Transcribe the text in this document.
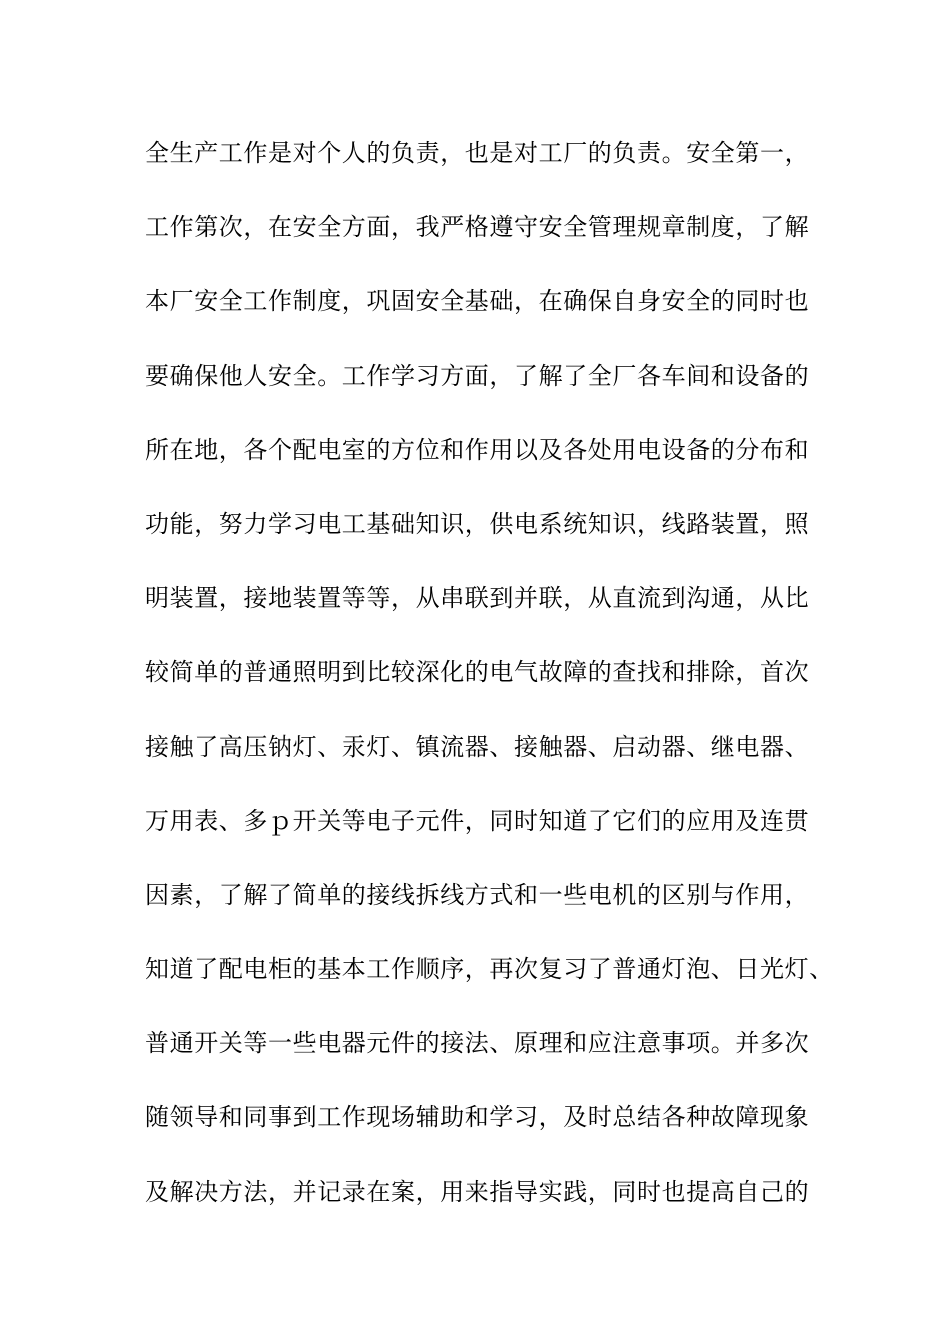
全生产工作是对个人的负责，也是对工厂的负责。安全第一，
工作第次，在安全方面，我严格遵守安全管理规章制度，了解
本厂安全工作制度，巩固安全基础，在确保自身安全的同时也
要确保他人安全。工作学习方面，了解了全厂各车间和设备的
所在地，各个配电室的方位和作用以及各处用电设备的分布和
功能，努力学习电工基础知识，供电系统知识，线路装置，照
明装置，接地装置等等，从串联到并联，从直流到沟通，从比
较简单的普通照明到比较深化的电气故障的查找和排除，首次
接触了高压钠灯、汞灯、镇流器、接触器、启动器、继电器、
万用表、多ｐ开关等电子元件，同时知道了它们的应用及连贯
因素，了解了简单的接线拆线方式和一些电机的区别与作用，
知道了配电柜的基本工作顺序，再次复习了普通灯泡、日光灯、
普通开关等一些电器元件的接法、原理和应注意事项。并多次
随领导和同事到工作现场辅助和学习，及时总结各种故障现象
及解决方法，并记录在案，用来指导实践，同时也提高自己的
